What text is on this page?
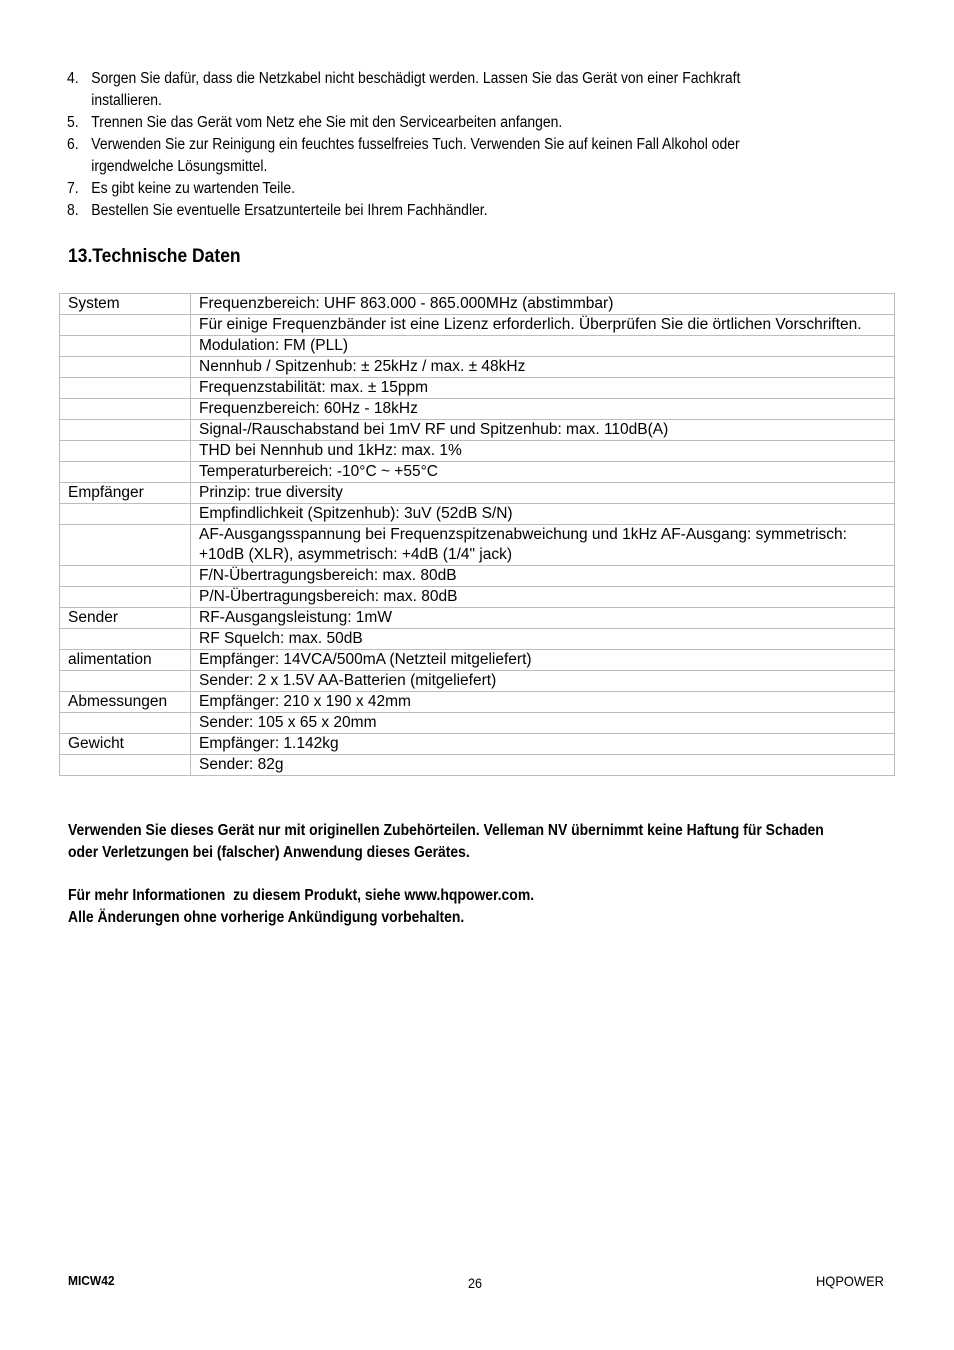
4. Sorgen Sie dafür, dass die Netzkabel nicht beschädigt werden. Lassen Sie das Gerät von einer Fachkraft installieren.
5. Trennen Sie das Gerät vom Netz ehe Sie mit den Servicearbeiten anfangen.
6. Verwenden Sie zur Reinigung ein feuchtes fusselfreies Tuch. Verwenden Sie auf keinen Fall Alkohol oder irgendwelche Lösungsmittel.
7. Es gibt keine zu wartenden Teile.
8. Bestellen Sie eventuelle Ersatzunterteile bei Ihrem Fachhändler.
13.Technische Daten
System	Frequenzbereich: UHF 863.000 - 865.000MHz (abstimmbar)
	Für einige Frequenzbänder ist eine Lizenz erforderlich. Überprüfen Sie die örtlichen Vorschriften.
	Modulation: FM (PLL)
	Nennhub / Spitzenhub: ± 25kHz / max. ± 48kHz
	Frequenzstabilität: max. ± 15ppm
	Frequenzbereich: 60Hz - 18kHz
	Signal-/Rauschabstand bei 1mV RF und Spitzenhub: max. 110dB(A)
	THD bei Nennhub und 1kHz: max. 1%
	Temperaturbereich: -10°C ~ +55°C
Empfänger	Prinzip: true diversity
	Empfindlichkeit (Spitzenhub): 3uV (52dB S/N)
	AF-Ausgangsspannung bei Frequenzspitzenabweichung und 1kHz AF-Ausgang: symmetrisch: +10dB (XLR), asymmetrisch: +4dB (1/4" jack)
	F/N-Übertragungsbereich: max. 80dB
	P/N-Übertragungsbereich: max. 80dB
Sender	RF-Ausgangsleistung: 1mW
	RF Squelch: max. 50dB
alimentation	Empfänger: 14VCA/500mA (Netzteil mitgeliefert)
	Sender: 2 x 1.5V AA-Batterien (mitgeliefert)
Abmessungen	Empfänger: 210 x 190 x 42mm
	Sender: 105 x 65 x 20mm
Gewicht	Empfänger: 1.142kg
	Sender: 82g
Verwenden Sie dieses Gerät nur mit originellen Zubehörteilen. Velleman NV übernimmt keine Haftung für Schaden oder Verletzungen bei (falscher) Anwendung dieses Gerätes.
Für mehr Informationen  zu diesem Produkt, siehe www.hqpower.com.
Alle Änderungen ohne vorherige Ankündigung vorbehalten.
MICW42	26	HQPOWER
